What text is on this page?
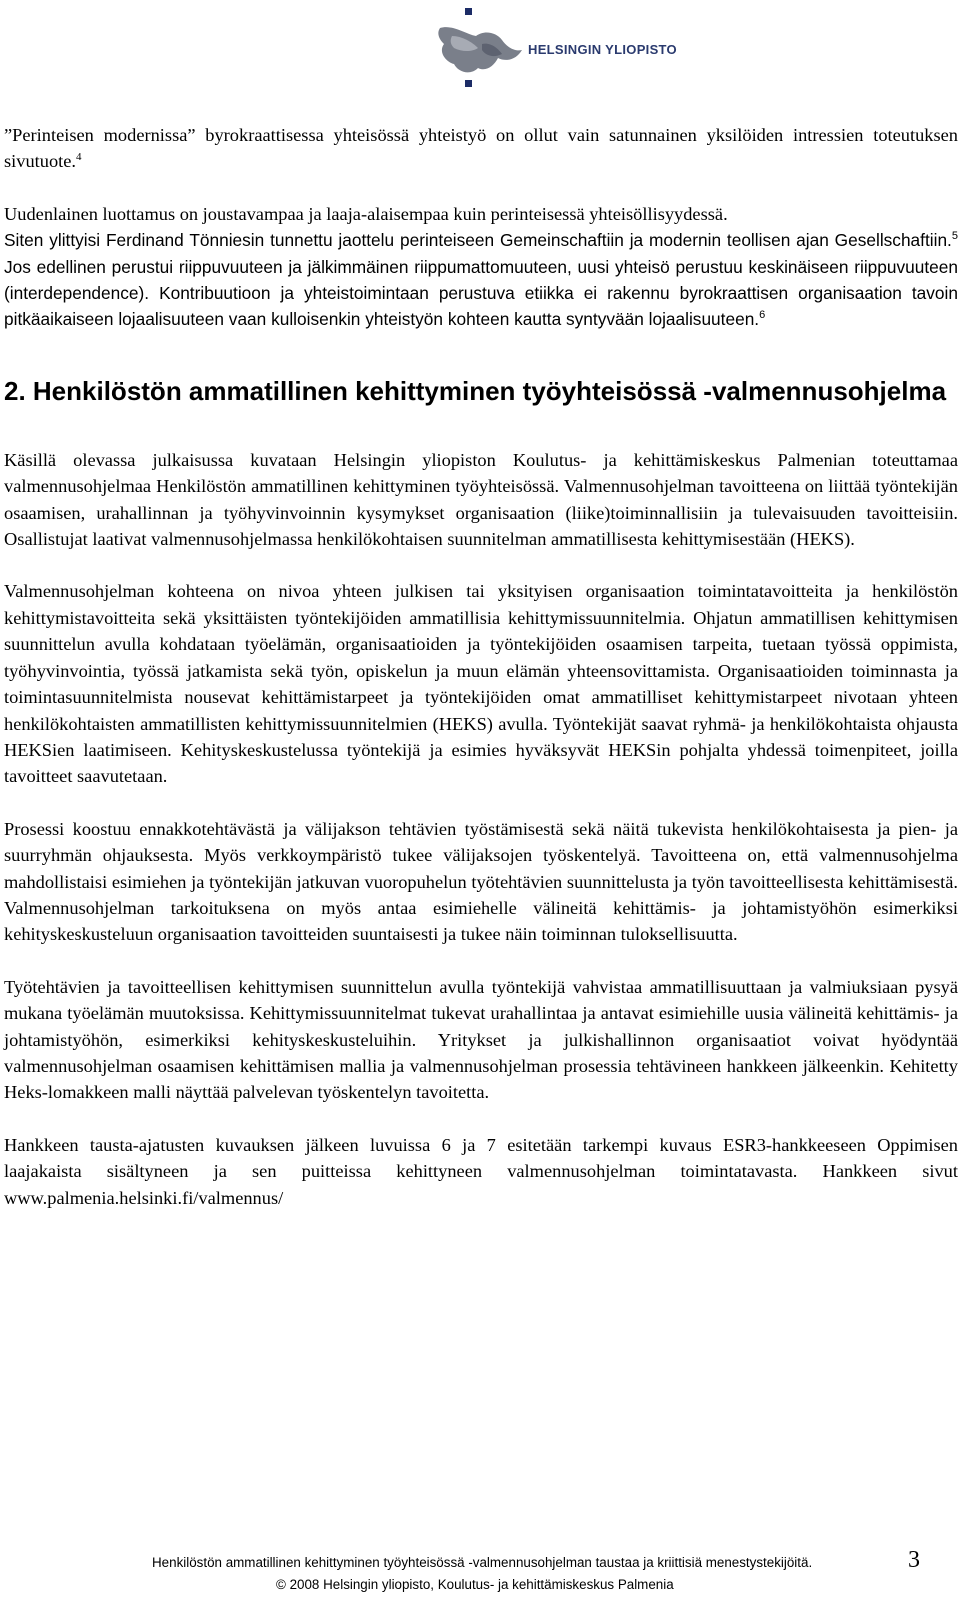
HELSINGIN YLIOPISTO

”Perinteisen modernissa” byrokraattisessa yhteisössä yhteistyö on ollut vain satunnainen yksilöiden intressien toteutuksen sivutuote.$^4$

Uudenlainen luottamus on joustavampaa ja laaja-alaisempaa kuin perinteisessä yhteisöllisyydessä.

Siten ylittyisi Ferdinand Tönniesin tunnettu jaottelu perinteiseen Gemeinschaftiin ja modernin teollisen ajan Gesellschaftiin.$^5$ Jos edellinen perustui riippuvuuteen ja jälkimmäinen riippumattomuuteen, uusi yhteisö perustuu keskinäiseen riippuvuuteen (interdependence). Kontribuutioon ja yhteistoimintaan perustuva etiikka ei rakennu byrokraattisen organisaation tavoin pitkäaikaiseen lojaalisuuteen vaan kulloisenkin yhteistyön kohteen kautta syntyvään lojaalisuuteen.$^6$

2. Henkilöstön ammatillinen kehittyminen työyhteisössä -valmennusohjelma

Käsillä olevassa julkaisussa kuvataan Helsingin yliopiston Koulutus- ja kehittämiskeskus Palmenian toteuttamaa valmennusohjelmaa Henkilöstön ammatillinen kehittyminen työyhteisössä. Valmennusohjelman tavoitteena on liittää työntekijän osaamisen, urahallinnan ja työhyvinvoinnin kysymykset organisaation (liike)toiminnallisiin ja tulevaisuuden tavoitteisiin. Osallistujat laativat valmennusohjelmassa henkilökohtaisen suunnitelman ammatillisesta kehittymisestään (HEKS).

Valmennusohjelman kohteena on nivoa yhteen julkisen tai yksityisen organisaation toimintatavoitteita ja henkilöstön kehittymistavoitteita sekä yksittäisten työntekijöiden ammatillisia kehittymissuunnitelmia. Ohjatun ammatillisen kehittymisen suunnittelun avulla kohdataan työelämän, organisaatioiden ja työntekijöiden osaamisen tarpeita, tuetaan työssä oppimista, työhyvinvointia, työssä jatkamista sekä työn, opiskelun ja muun elämän yhteensovittamista. Organisaatioiden toiminnasta ja toimintasuunnitelmista nousevat kehittämistarpeet ja työntekijöiden omat ammatilliset kehittymistarpeet nivotaan yhteen henkilökohtaisten ammatillisten kehittymissuunnitelmien (HEKS) avulla. Työntekijät saavat ryhmä- ja henkilökohtaista ohjausta HEKSien laatimiseen. Kehityskeskustelussa työntekijä ja esimies hyväksyvät HEKSin pohjalta yhdessä toimenpiteet, joilla tavoitteet saavutetaan.

Prosessi koostuu ennakkotehtävästä ja välijakson tehtävien työstämisestä sekä näitä tukevista henkilökohtaisesta ja pien- ja suurryhmän ohjauksesta. Myös verkkoympäristö tukee välijaksojen työskentelyä. Tavoitteena on, että valmennusohjelma mahdollistaisi esimiehen ja työntekijän jatkuvan vuoropuhelun työtehtävien suunnittelusta ja työn tavoitteellisesta kehittämisestä. Valmennusohjelman tarkoituksena on myös antaa esimiehelle välineitä kehittämis- ja johtamistyöhön esimerkiksi kehityskeskusteluun organisaation tavoitteiden suuntaisesti ja tukee näin toiminnan tuloksellisuutta.

Työtehtävien ja tavoitteellisen kehittymisen suunnittelun avulla työntekijä vahvistaa ammatillisuuttaan ja valmiuksiaan pysyä mukana työelämän muutoksissa. Kehittymissuunnitelmat tukevat urahallintaa ja antavat esimiehille uusia välineitä kehittämis- ja johtamistyöhön, esimerkiksi kehityskeskusteluihin. Yritykset ja julkishallinnon organisaatiot voivat hyödyntää valmennusohjelman osaamisen kehittämisen mallia ja valmennusohjelman prosessia tehtävineen hankkeen jälkeenkin. Kehitetty Heks-lomakkeen malli näyttää palvelevan työskentelyn tavoitetta.

Hankkeen tausta-ajatusten kuvauksen jälkeen luvuissa 6 ja 7 esitetään tarkempi kuvaus ESR3-hankkeeseen Oppimisen laajakaista sisältyneen ja sen puitteissa kehittyneen valmennusohjelman toimintatavasta. Hankkeen sivut www.palmenia.helsinki.fi/valmennus/

Henkilöstön ammatillinen kehittyminen työyhteisössä -valmennusohjelman taustaa ja kriittisiä menestystekijöitä.	3
© 2008 Helsingin yliopisto, Koulutus- ja kehittämiskeskus Palmenia
